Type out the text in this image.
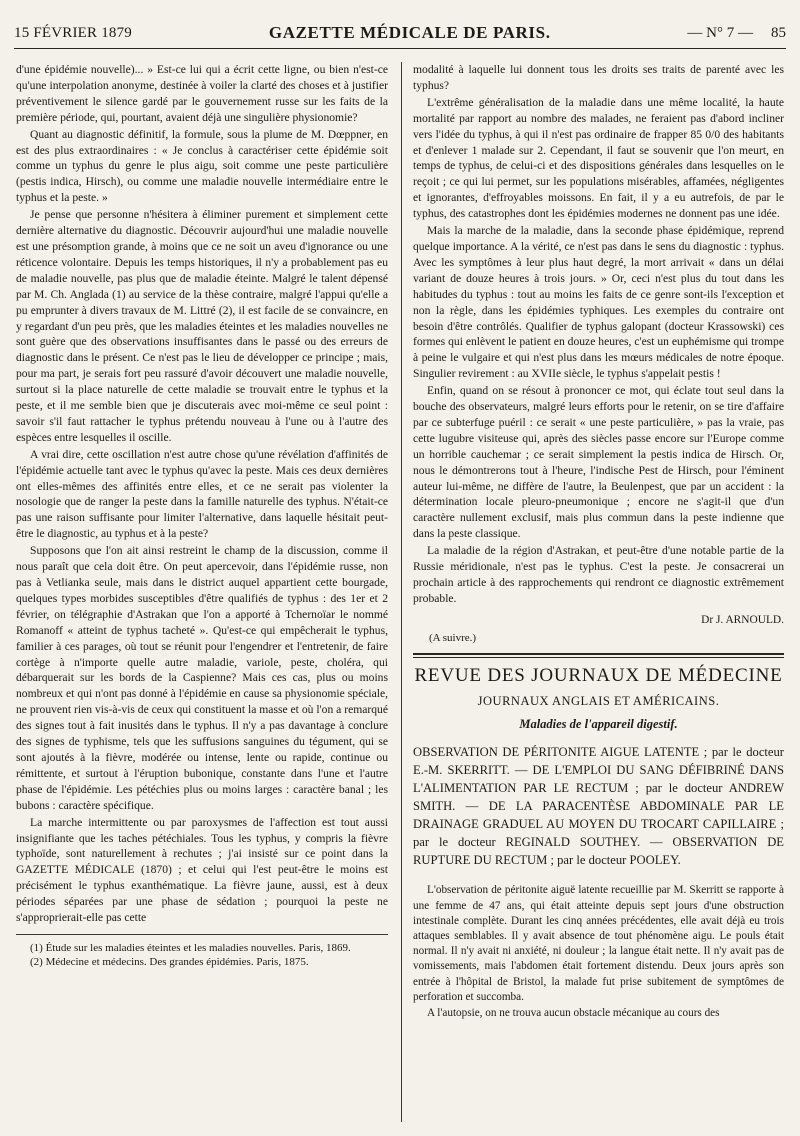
15 FÉVRIER 1879	GAZETTE MÉDICALE DE PARIS.	— N° 7 — 85

d'une épidémie nouvelle)... » Est-ce lui qui a écrit cette ligne, ou bien n'est-ce qu'une interpolation anonyme, destinée à voiler la clarté des choses et à justifier préventivement le silence gardé par le gouvernement russe sur les faits de la première période, qui, pourtant, avaient déjà une singulière physionomie?

Quant au diagnostic définitif, la formule, sous la plume de M. Dœppner, en est des plus extraordinaires : « Je conclus à caractériser cette épidémie soit comme un typhus du genre le plus aigu, soit comme une peste particulière (pestis indica, Hirsch), ou comme une maladie nouvelle intermédiaire entre le typhus et la peste. »

Je pense que personne n'hésitera à éliminer purement et simplement cette dernière alternative du diagnostic. Découvrir aujourd'hui une maladie nouvelle est une présomption grande, à moins que ce ne soit un aveu d'ignorance ou une réticence volontaire. Depuis les temps historiques, il n'y a probablement pas eu de maladie nouvelle, pas plus que de maladie éteinte. Malgré le talent dépensé par M. Ch. Anglada (1) au service de la thèse contraire, malgré l'appui qu'elle a pu emprunter à divers travaux de M. Littré (2), il est facile de se convaincre, en y regardant d'un peu près, que les maladies éteintes et les maladies nouvelles ne sont guère que des observations insuffisantes dans le passé ou des erreurs de diagnostic dans le présent. Ce n'est pas le lieu de développer ce principe ; mais, pour ma part, je serais fort peu rassuré d'avoir découvert une maladie nouvelle, surtout si la place naturelle de cette maladie se trouvait entre le typhus et la peste, et il me semble bien que je discuterais avec moi-même ce seul point : savoir s'il faut rattacher le typhus prétendu nouveau à l'une ou à l'autre des espèces entre lesquelles il oscille.

A vrai dire, cette oscillation n'est autre chose qu'une révélation d'affinités de l'épidémie actuelle tant avec le typhus qu'avec la peste. Mais ces deux dernières ont elles-mêmes des affinités entre elles, et ce ne serait pas violenter la nosologie que de ranger la peste dans la famille naturelle des typhus. N'était-ce pas une raison suffisante pour limiter l'alternative, dans laquelle hésitait peut-être le diagnostic, au typhus et à la peste?

Supposons que l'on ait ainsi restreint le champ de la discussion, comme il nous paraît que cela doit être. On peut apercevoir, dans l'épidémie russe, non pas à Vetlianka seule, mais dans le district auquel appartient cette bourgade, quelques types morbides susceptibles d'être qualifiés de typhus : des 1er et 2 février, on télégraphie d'Astrakan que l'on a apporté à Tchernoïar le nommé Romanoff « atteint de typhus tacheté ». Qu'est-ce qui empêcherait le typhus, familier à ces parages, où tout se réunit pour l'engendrer et l'entretenir, de faire cortège à n'importe quelle autre maladie, variole, peste, choléra, qui débarquerait sur les bords de la Caspienne? Mais ces cas, plus ou moins nombreux et qui n'ont pas donné à l'épidémie en cause sa physionomie spéciale, ne prouvent rien vis-à-vis de ceux qui constituent la masse et où l'on a remarqué des signes tout à fait inusités dans le typhus. Il n'y a pas davantage à conclure des signes de typhisme, tels que les suffusions sanguines du tégument, qui se sont ajoutés à la fièvre, modérée ou intense, lente ou rapide, continue ou rémittente, et surtout à l'éruption bubonique, constante dans l'une et l'autre phase de l'épidémie. Les pétéchies plus ou moins larges : caractère banal ; les bubons : caractère spécifique.

La marche intermittente ou par paroxysmes de l'affection est tout aussi insignifiante que les taches pétéchiales. Tous les typhus, y compris la fièvre typhoïde, sont naturellement à rechutes ; j'ai insisté sur ce point dans la GAZETTE MÉDICALE (1870) ; et celui qui l'est peut-être le moins est précisément le typhus exanthématique. La fièvre jaune, aussi, est à deux périodes séparées par une phase de sédation ; pourquoi la peste ne s'approprierait-elle pas cette

(1) Étude sur les maladies éteintes et les maladies nouvelles. Paris, 1869.

(2) Médecine et médecins. Des grandes épidémies. Paris, 1875.

modalité à laquelle lui donnent tous les droits ses traits de parenté avec les typhus?

L'extrême généralisation de la maladie dans une même localité, la haute mortalité par rapport au nombre des malades, ne feraient pas d'abord incliner vers l'idée du typhus, à qui il n'est pas ordinaire de frapper 85 0/0 des habitants et d'enlever 1 malade sur 2. Cependant, il faut se souvenir que l'on meurt, en temps de typhus, de celui-ci et des dispositions générales dans lesquelles on le reçoit ; ce qui lui permet, sur les populations misérables, affamées, négligentes et ignorantes, d'effroyables moissons. En fait, il y a eu autrefois, de par le typhus, des catastrophes dont les épidémies modernes ne donnent pas une idée.

Mais la marche de la maladie, dans la seconde phase épidémique, reprend quelque importance. A la vérité, ce n'est pas dans le sens du diagnostic : typhus. Avec les symptômes à leur plus haut degré, la mort arrivait « dans un délai variant de douze heures à trois jours. » Or, ceci n'est plus du tout dans les habitudes du typhus : tout au moins les faits de ce genre sont-ils l'exception et non la règle, dans les épidémies typhiques. Les exemples du contraire ont besoin d'être contrôlés. Qualifier de typhus galopant (docteur Krassowski) ces formes qui enlèvent le patient en douze heures, c'est un euphémisme qui trompe à peine le vulgaire et qui n'est plus dans les mœurs médicales de notre époque. Singulier revirement : au XVIIe siècle, le typhus s'appelait pestis !

Enfin, quand on se résout à prononcer ce mot, qui éclate tout seul dans la bouche des observateurs, malgré leurs efforts pour le retenir, on se tire d'affaire par ce subterfuge puéril : ce serait « une peste particulière, » pas la vraie, pas cette lugubre visiteuse qui, après des siècles passe encore sur l'Europe comme un horrible cauchemar ; ce serait simplement la pestis indica de Hirsch. Or, nous le démontrerons tout à l'heure, l'indische Pest de Hirsch, pour l'éminent auteur lui-même, ne diffère de l'autre, la Beulenpest, que par un accident : la détermination locale pleuro-pneumonique ; encore ne s'agit-il que d'un caractère nullement exclusif, mais plus commun dans la peste indienne que dans la peste classique.

La maladie de la région d'Astrakan, et peut-être d'une notable partie de la Russie méridionale, n'est pas le typhus. C'est la peste. Je consacrerai un prochain article à des rapprochements qui rendront ce diagnostic extrêmement probable.

Dr J. ARNOULD.
(A suivre.)
REVUE DES JOURNAUX DE MÉDECINE
JOURNAUX ANGLAIS ET AMÉRICAINS.
Maladies de l'appareil digestif.
OBSERVATION DE PÉRITONITE AIGUE LATENTE ; par le docteur E.-M. SKERRITT. — DE L'EMPLOI DU SANG DÉFIBRINÉ DANS L'ALIMENTATION PAR LE RECTUM ; par le docteur ANDREW SMITH. — DE LA PARACENTÈSE ABDOMINALE PAR LE DRAINAGE GRADUEL AU MOYEN DU TROCART CAPILLAIRE ; par le docteur REGINALD SOUTHEY. — OBSERVATION DE RUPTURE DU RECTUM ; par le docteur POOLEY.

L'observation de péritonite aiguë latente recueillie par M. Skerritt se rapporte à une femme de 47 ans, qui était atteinte depuis sept jours d'une obstruction intestinale complète. Durant les cinq années précédentes, elle avait déjà eu trois attaques semblables. Il y avait absence de tout phénomène aigu. Le pouls était normal. Il n'y avait ni anxiété, ni douleur ; la langue était nette. Il n'y avait pas de vomissements, mais l'abdomen était fortement distendu. Deux jours après son entrée à l'hôpital de Bristol, la malade fut prise subitement de symptômes de perforation et succomba.

A l'autopsie, on ne trouva aucun obstacle mécanique au cours des
